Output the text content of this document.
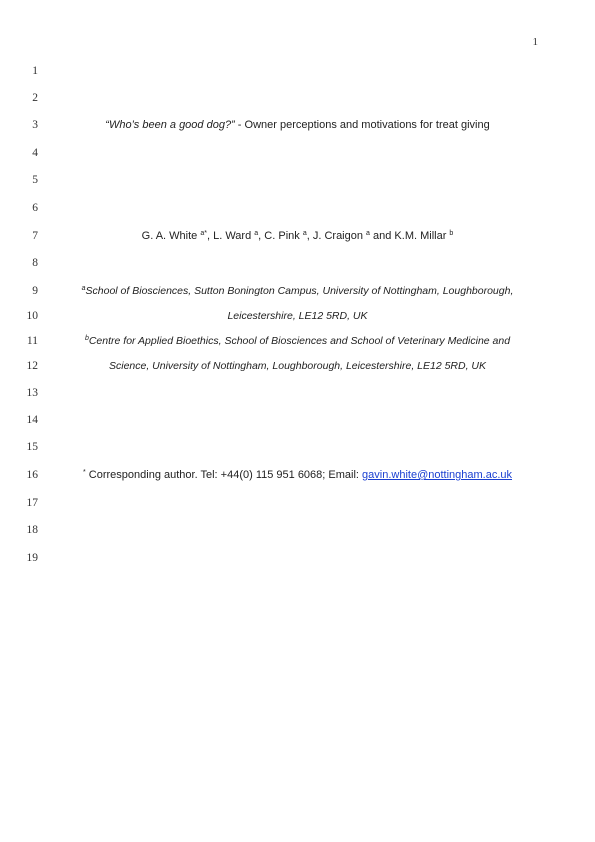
1
1
2
3
4
5
6
7
8
9
10
11
12
13
14
15
16
17
18
19
“Who’s been a good dog?” - Owner perceptions and motivations for treat giving
G. A. White $^{a*}$, L. Ward $^a$, C. Pink $^a$, J. Craigon $^a$ and K.M. Millar $^b$
$^a$School of Biosciences, Sutton Bonington Campus, University of Nottingham, Loughborough,
Leicestershire, LE12 5RD, UK
$^b$Centre for Applied Bioethics, School of Biosciences and School of Veterinary Medicine and
Science, University of Nottingham, Loughborough, Leicestershire, LE12 5RD, UK
* Corresponding author. Tel: +44(0) 115 951 6068; Email: gavin.white@nottingham.ac.uk
